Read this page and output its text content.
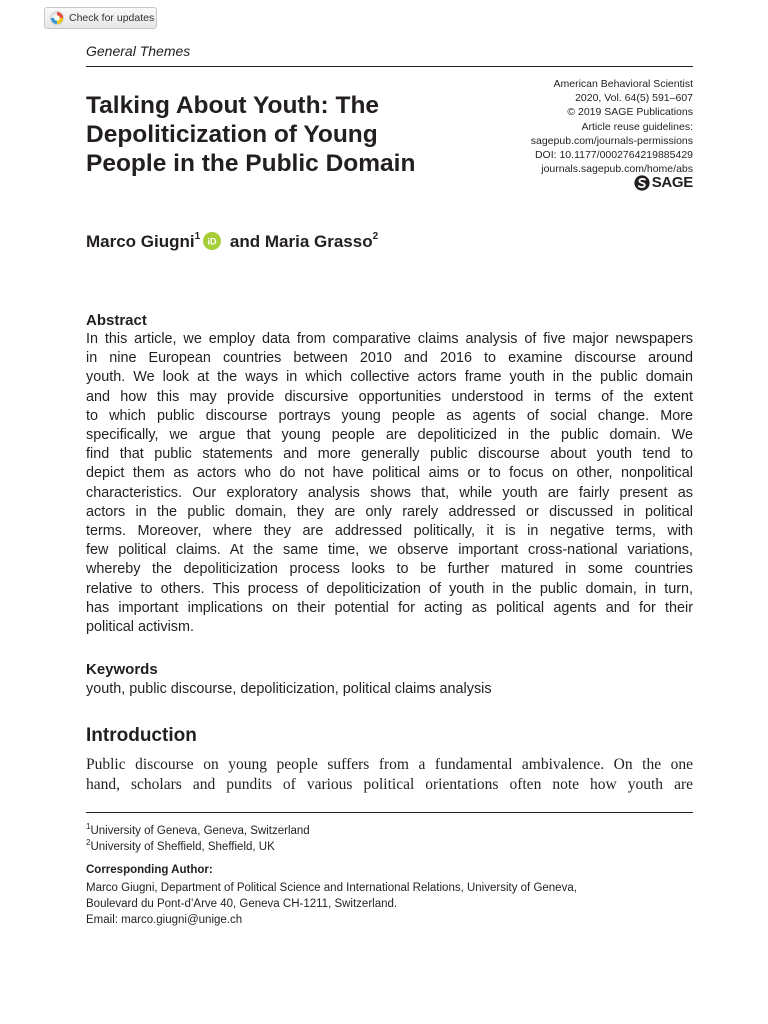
Check for updates
General Themes
Talking About Youth: The
Depoliticization of Young
People in the Public Domain
American Behavioral Scientist
2020, Vol. 64(5) 591–607
© 2019 SAGE Publications
Article reuse guidelines:
sagepub.com/journals-permissions
DOI: 10.1177/0002764219885429
journals.sagepub.com/home/abs
SAGE
Marco Giugni$^1$ iD and Maria Grasso$^2$
Abstract
In this article, we employ data from comparative claims analysis of five major newspapers
in nine European countries between 2010 and 2016 to examine discourse around
youth. We look at the ways in which collective actors frame youth in the public domain
and how this may provide discursive opportunities understood in terms of the extent
to which public discourse portrays young people as agents of social change. More
specifically, we argue that young people are depoliticized in the public domain. We
find that public statements and more generally public discourse about youth tend to
depict them as actors who do not have political aims or to focus on other, nonpolitical
characteristics. Our exploratory analysis shows that, while youth are fairly present as
actors in the public domain, they are only rarely addressed or discussed in political
terms. Moreover, where they are addressed politically, it is in negative terms, with
few political claims. At the same time, we observe important cross-national variations,
whereby the depoliticization process looks to be further matured in some countries
relative to others. This process of depoliticization of youth in the public domain, in turn,
has important implications on their potential for acting as political agents and for their
political activism.
Keywords
youth, public discourse, depoliticization, political claims analysis
Introduction
Public discourse on young people suffers from a fundamental ambivalence. On the one
hand, scholars and pundits of various political orientations often note how youth are
$^1$University of Geneva, Geneva, Switzerland
$^2$University of Sheffield, Sheffield, UK
Corresponding Author:
Marco Giugni, Department of Political Science and International Relations, University of Geneva,
Boulevard du Pont-d’Arve 40, Geneva CH-1211, Switzerland.
Email: marco.giugni@unige.ch
